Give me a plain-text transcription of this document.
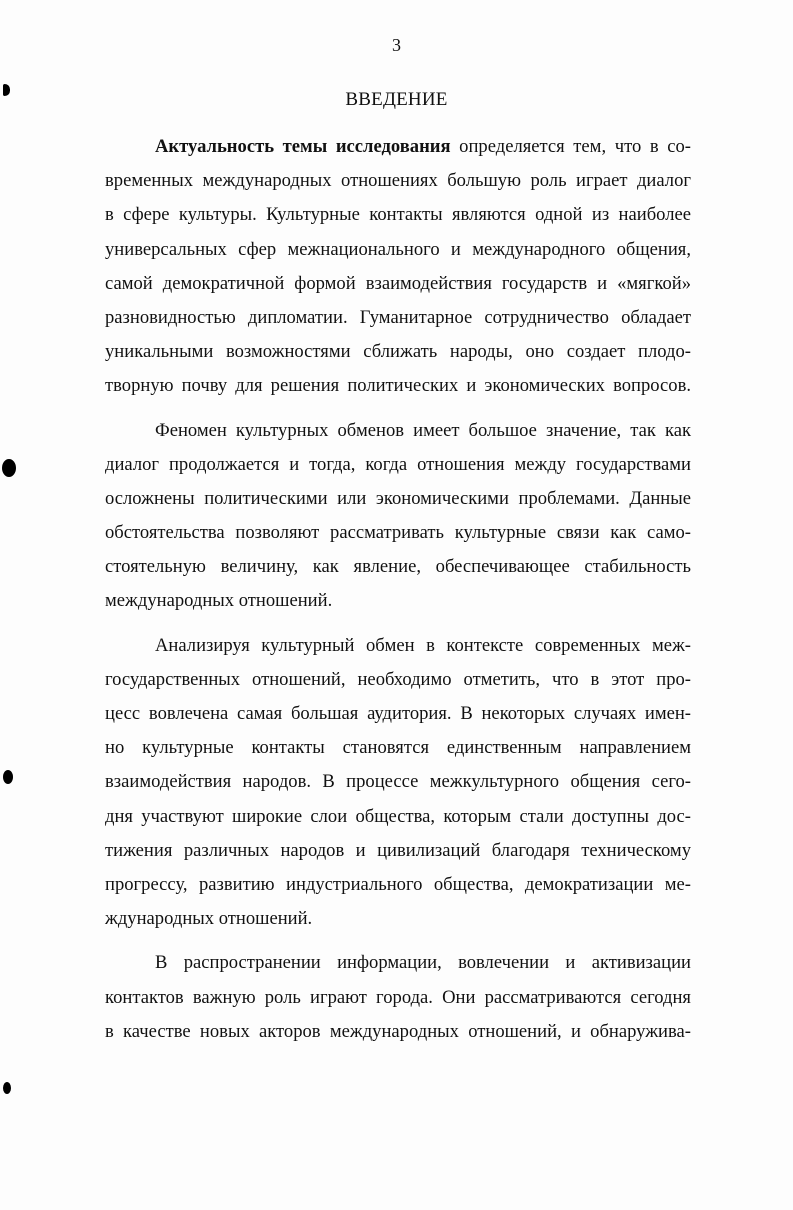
3
ВВЕДЕНИЕ
Актуальность темы исследования определяется тем, что в со-
временных международных отношениях большую роль играет диалог
в сфере культуры. Культурные контакты являются одной из наиболее
универсальных сфер межнационального и международного общения,
самой демократичной формой взаимодействия государств и «мягкой»
разновидностью дипломатии. Гуманитарное сотрудничество обладает
уникальными возможностями сближать народы, оно создает плодо-
творную почву для решения политических и экономических вопросов.
Феномен культурных обменов имеет большое значение, так как
диалог продолжается и тогда, когда отношения между государствами
осложнены политическими или экономическими проблемами. Данные
обстоятельства позволяют рассматривать культурные связи как само-
стоятельную величину, как явление, обеспечивающее стабильность
международных отношений.
Анализируя культурный обмен в контексте современных меж-
государственных отношений, необходимо отметить, что в этот про-
цесс вовлечена самая большая аудитория. В некоторых случаях имен-
но культурные контакты становятся единственным направлением
взаимодействия народов. В процессе межкультурного общения сего-
дня участвуют широкие слои общества, которым стали доступны дос-
тижения различных народов и цивилизаций благодаря техническому
прогрессу, развитию индустриального общества, демократизации ме-
ждународных отношений.
В распространении информации, вовлечении и активизации
контактов важную роль играют города. Они рассматриваются сегодня
в качестве новых акторов международных отношений, и обнаружива-
